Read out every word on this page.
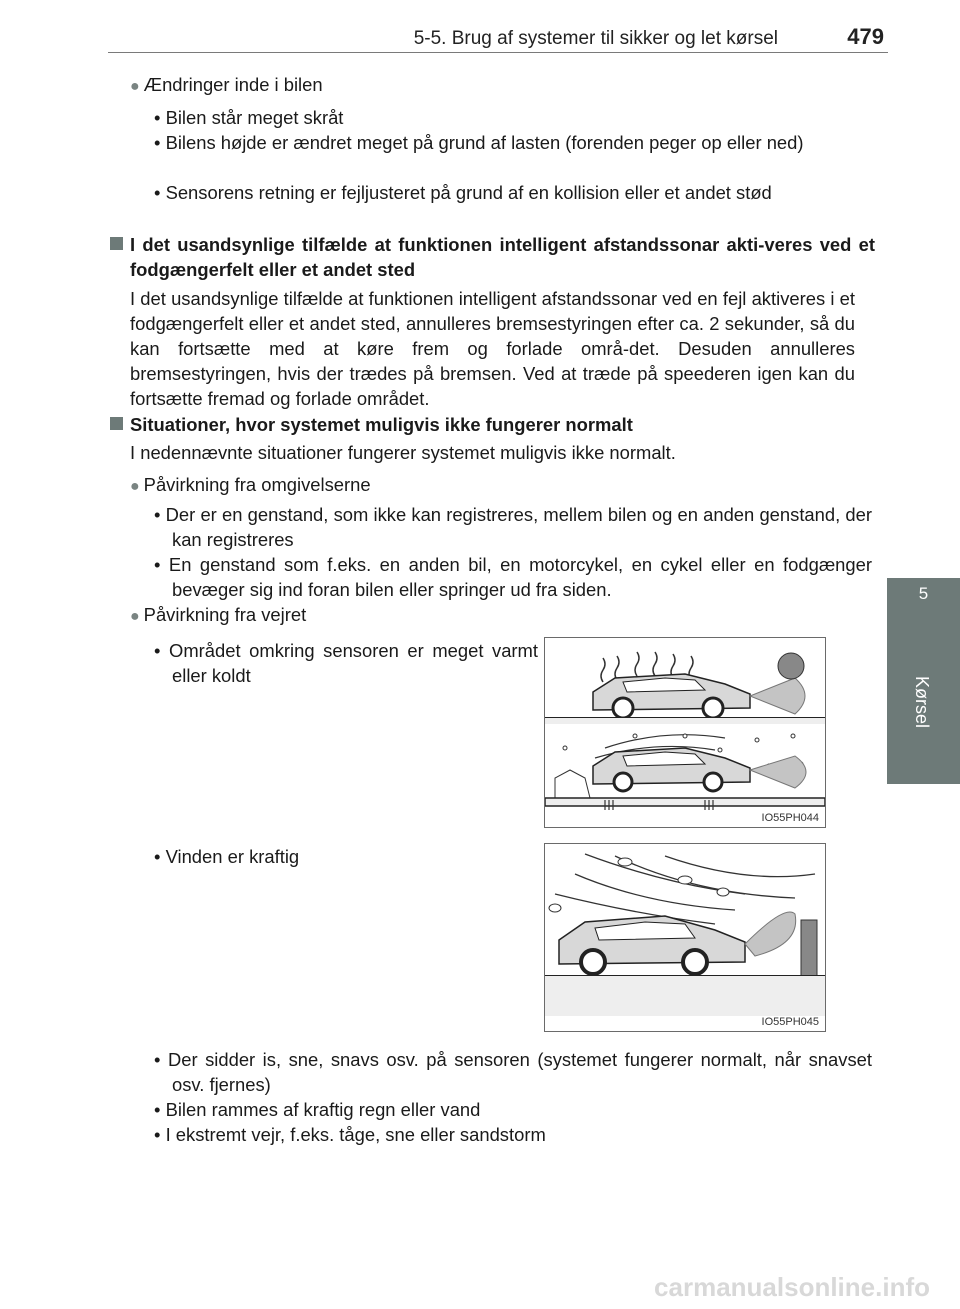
5-5. Brug af systemer til sikker og let kørsel	479
5
Kørsel
● Ændringer inde i bilen
• Bilen står meget skråt
• Bilens højde er ændret meget på grund af lasten (forenden peger op eller ned)
• Sensorens retning er fejljusteret på grund af en kollision eller et andet stød
I det usandsynlige tilfælde at funktionen intelligent afstandssonar akti-veres ved et fodgængerfelt eller et andet sted
I det usandsynlige tilfælde at funktionen intelligent afstandssonar ved en fejl aktiveres i et fodgængerfelt eller et andet sted, annulleres bremsestyringen efter ca. 2 sekunder, så du kan fortsætte med at køre frem og forlade områ-det. Desuden annulleres bremsestyringen, hvis der trædes på bremsen. Ved at træde på speederen igen kan du fortsætte fremad og forlade området.
Situationer, hvor systemet muligvis ikke fungerer normalt
I nedennævnte situationer fungerer systemet muligvis ikke normalt.
● Påvirkning fra omgivelserne
• Der er en genstand, som ikke kan registreres, mellem bilen og en anden genstand, der kan registreres
• En genstand som f.eks. en anden bil, en motorcykel, en cykel eller en fodgænger bevæger sig ind foran bilen eller springer ud fra siden.
● Påvirkning fra vejret
• Området omkring sensoren er meget varmt eller koldt
• Vinden er kraftig
• Der sidder is, sne, snavs osv. på sensoren (systemet fungerer normalt, når snavset osv. fjernes)
• Bilen rammes af kraftig regn eller vand
• I ekstremt vejr, f.eks. tåge, sne eller sandstorm
IO55PH044
IO55PH045
carmanualsonline.info
